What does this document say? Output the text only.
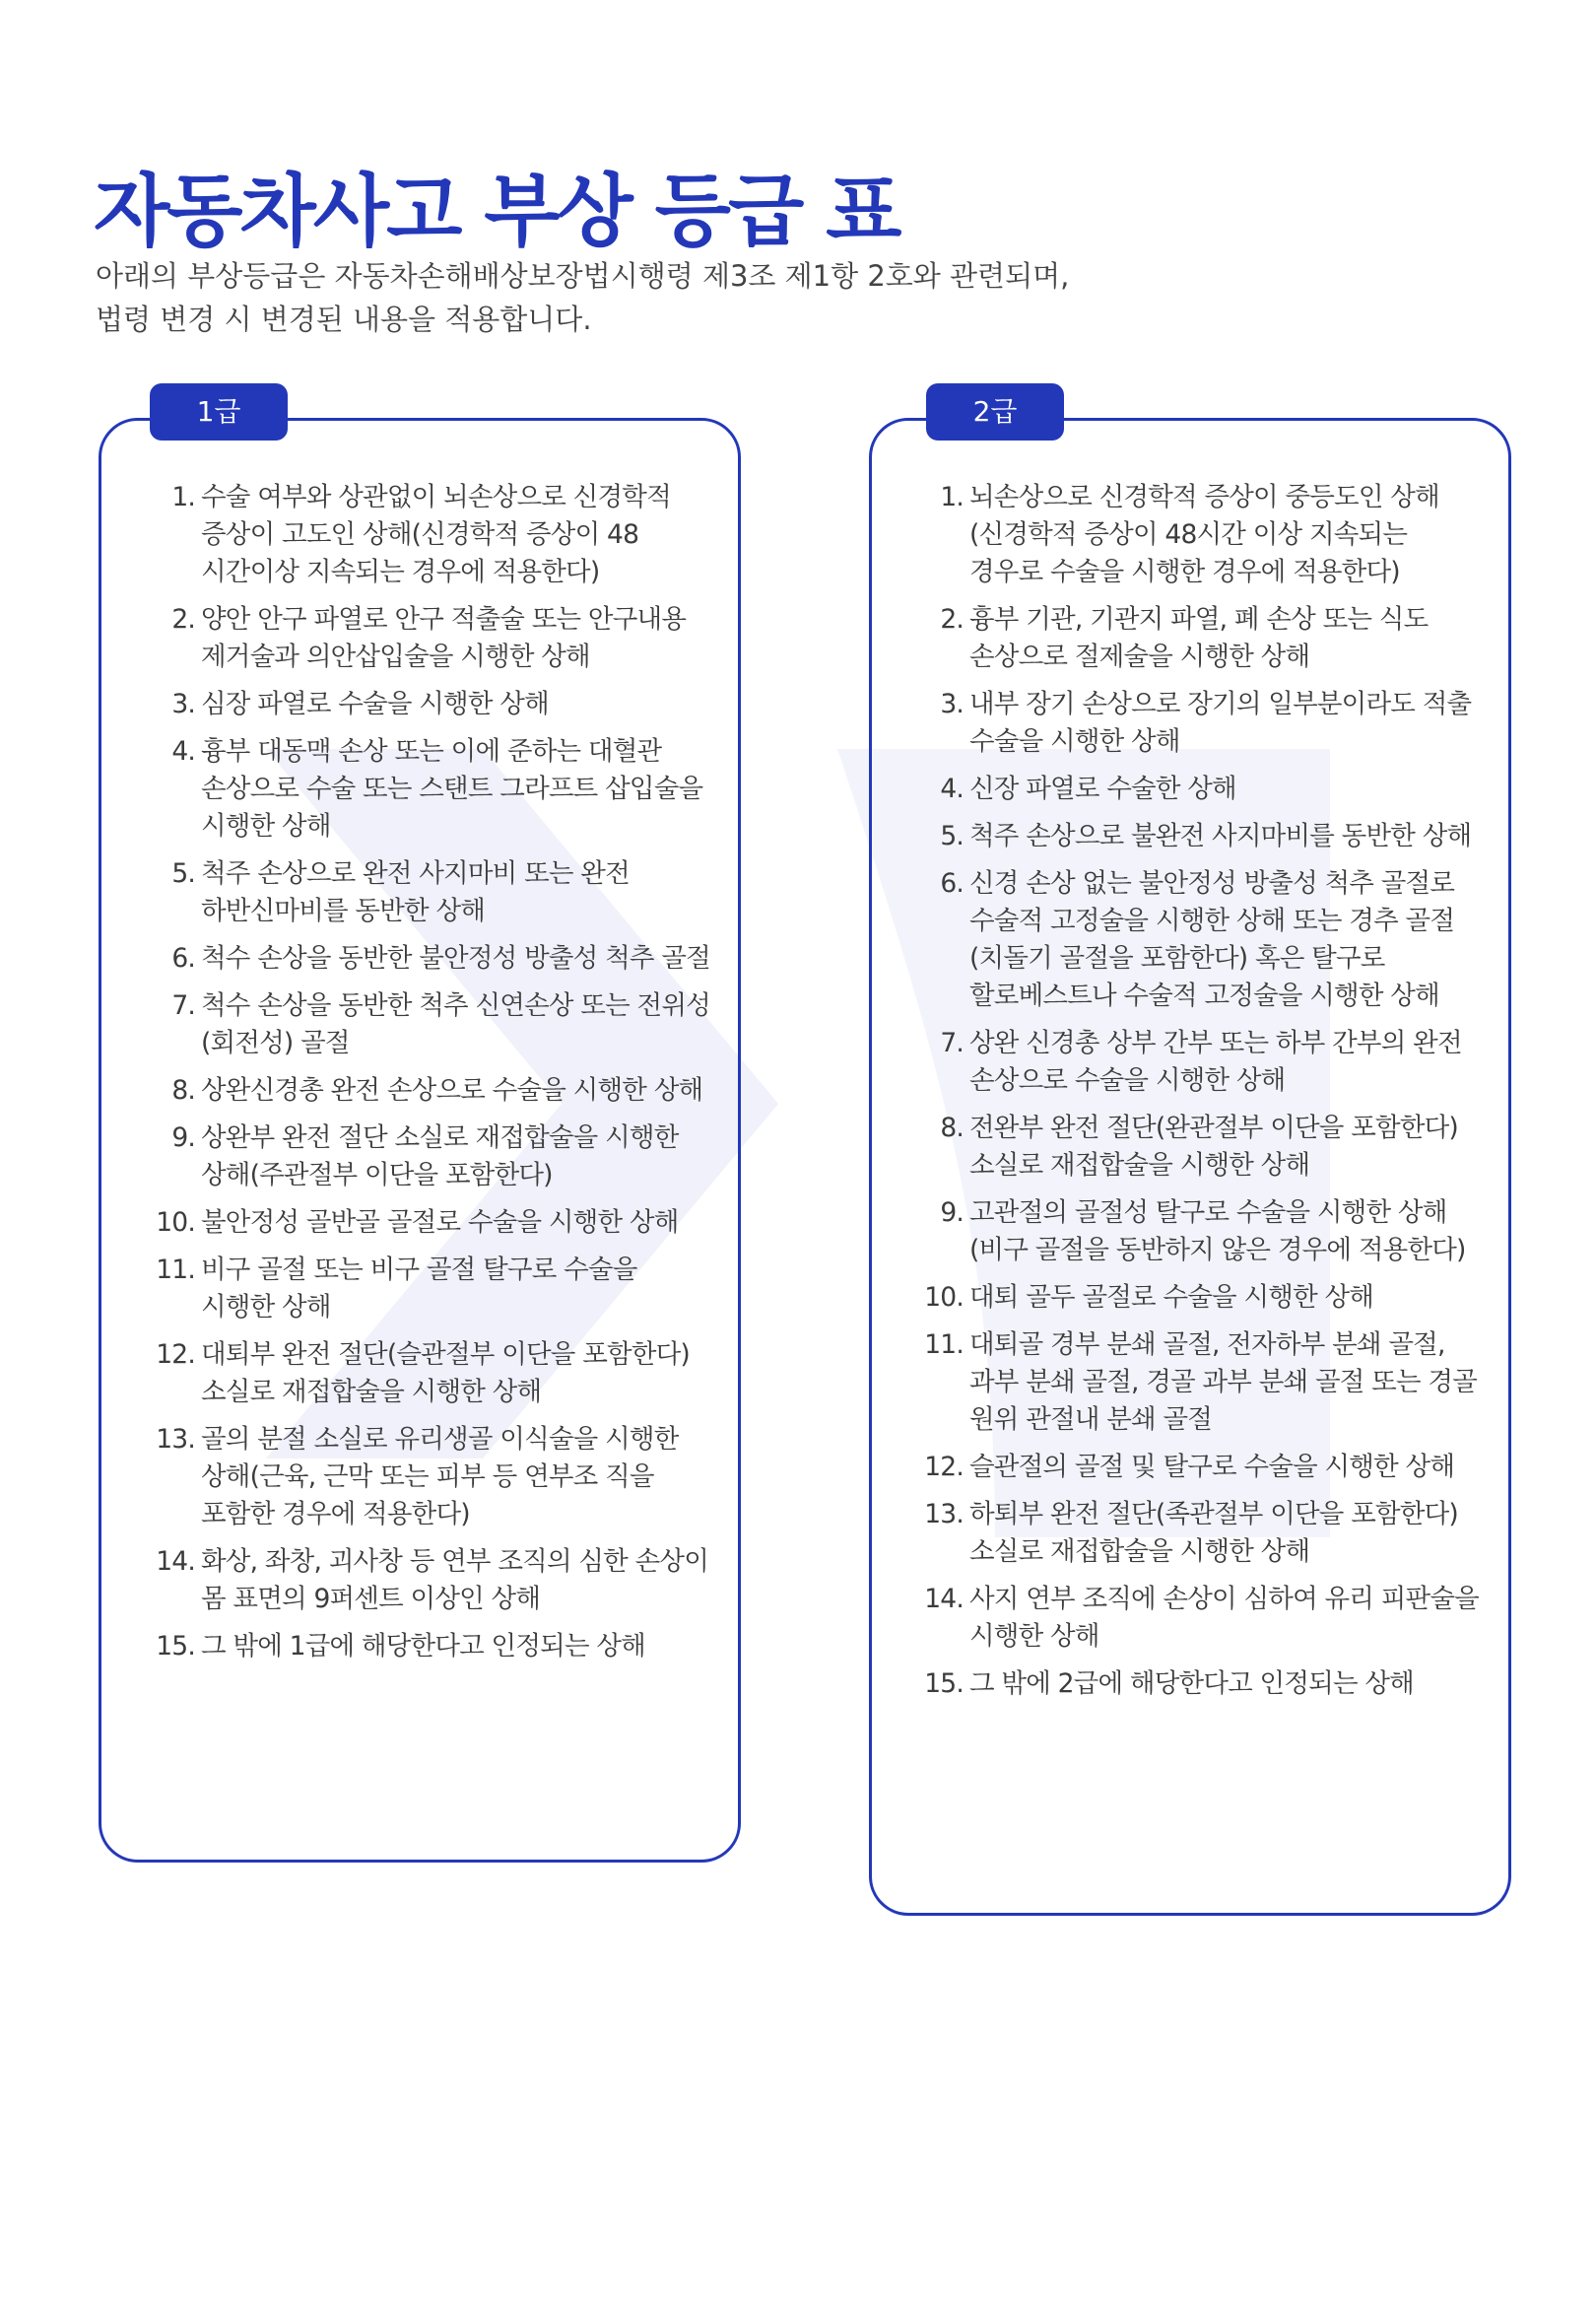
자동차사고 부상 등급 표
아래의 부상등급은 자동차손해배상보장법시행령 제3조 제1항 2호와 관련되며,
법령 변경 시 변경된 내용을 적용합니다.
1급
1. 수술 여부와 상관없이 뇌손상으로 신경학적 증상이 고도인 상해(신경학적 증상이 48 시간이상 지속되는 경우에 적용한다)
2. 양안 안구 파열로 안구 적출술 또는 안구내용 제거술과 의안삽입술을 시행한 상해
3. 심장 파열로 수술을 시행한 상해
4. 흉부 대동맥 손상 또는 이에 준하는 대혈관 손상으로 수술 또는 스탠트 그라프트 삽입술을 시행한 상해
5. 척주 손상으로 완전 사지마비 또는 완전 하반신마비를 동반한 상해
6. 척수 손상을 동반한 불안정성 방출성 척추 골절
7. 척수 손상을 동반한 척추 신연손상 또는 전위성(회전성) 골절
8. 상완신경총 완전 손상으로 수술을 시행한 상해
9. 상완부 완전 절단 소실로 재접합술을 시행한 상해(주관절부 이단을 포함한다)
10. 불안정성 골반골 골절로 수술을 시행한 상해
11. 비구 골절 또는 비구 골절 탈구로 수술을 시행한 상해
12. 대퇴부 완전 절단(슬관절부 이단을 포함한다) 소실로 재접합술을 시행한 상해
13. 골의 분절 소실로 유리생골 이식술을 시행한 상해(근육, 근막 또는 피부 등 연부조 직을 포함한 경우에 적용한다)
14. 화상, 좌창, 괴사창 등 연부 조직의 심한 손상이 몸 표면의 9퍼센트 이상인 상해
15. 그 밖에 1급에 해당한다고 인정되는 상해
2급
1. 뇌손상으로 신경학적 증상이 중등도인 상해(신경학적 증상이 48시간 이상 지속되는 경우로 수술을 시행한 경우에 적용한다)
2. 흉부 기관, 기관지 파열, 폐 손상 또는 식도 손상으로 절제술을 시행한 상해
3. 내부 장기 손상으로 장기의 일부분이라도 적출 수술을 시행한 상해
4. 신장 파열로 수술한 상해
5. 척주 손상으로 불완전 사지마비를 동반한 상해
6. 신경 손상 없는 불안정성 방출성 척추 골절로 수술적 고정술을 시행한 상해 또는 경추 골절(치돌기 골절을 포함한다) 혹은 탈구로 할로베스트나 수술적 고정술을 시행한 상해
7. 상완 신경총 상부 간부 또는 하부 간부의 완전 손상으로 수술을 시행한 상해
8. 전완부 완전 절단(완관절부 이단을 포함한다) 소실로 재접합술을 시행한 상해
9. 고관절의 골절성 탈구로 수술을 시행한 상해(비구 골절을 동반하지 않은 경우에 적용한다)
10. 대퇴 골두 골절로 수술을 시행한 상해
11. 대퇴골 경부 분쇄 골절, 전자하부 분쇄 골절, 과부 분쇄 골절, 경골 과부 분쇄 골절 또는 경골 원위 관절내 분쇄 골절
12. 슬관절의 골절 및 탈구로 수술을 시행한 상해
13. 하퇴부 완전 절단(족관절부 이단을 포함한다) 소실로 재접합술을 시행한 상해
14. 사지 연부 조직에 손상이 심하여 유리 피판술을 시행한 상해
15. 그 밖에 2급에 해당한다고 인정되는 상해
